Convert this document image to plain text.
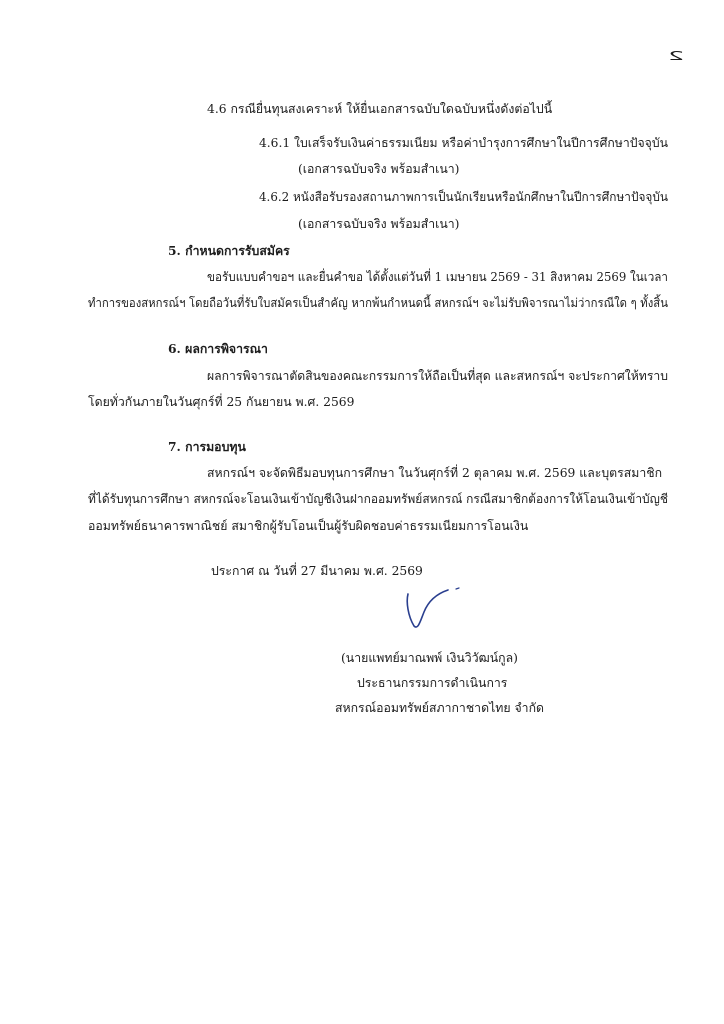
2
4.6 กรณียื่นทุนสงเคราะห์ ให้ยื่นเอกสารฉบับใดฉบับหนึ่งดังต่อไปนี้
4.6.1 ใบเสร็จรับเงินค่าธรรมเนียม หรือค่าบำรุงการศึกษาในปีการศึกษาปัจจุบัน
(เอกสารฉบับจริง พร้อมสำเนา)
4.6.2 หนังสือรับรองสถานภาพการเป็นนักเรียนหรือนักศึกษาในปีการศึกษาปัจจุบัน
(เอกสารฉบับจริง พร้อมสำเนา)
5. กำหนดการรับสมัคร
ขอรับแบบคำขอฯ และยื่นคำขอ ได้ตั้งแต่วันที่ 1 เมษายน 2569 - 31 สิงหาคม 2569 ในเวลา
ทำการของสหกรณ์ฯ โดยถือวันที่รับใบสมัครเป็นสำคัญ หากพ้นกำหนดนี้ สหกรณ์ฯ จะไม่รับพิจารณาไม่ว่ากรณีใด ๆ ทั้งสิ้น
6. ผลการพิจารณา
ผลการพิจารณาตัดสินของคณะกรรมการให้ถือเป็นที่สุด และสหกรณ์ฯ จะประกาศให้ทราบ
โดยทั่วกันภายในวันศุกร์ที่ 25 กันยายน พ.ศ. 2569
7. การมอบทุน
สหกรณ์ฯ จะจัดพิธีมอบทุนการศึกษา ในวันศุกร์ที่ 2 ตุลาคม พ.ศ. 2569 และบุตรสมาชิก
ที่ได้รับทุนการศึกษา สหกรณ์จะโอนเงินเข้าบัญชีเงินฝากออมทรัพย์สหกรณ์ กรณีสมาชิกต้องการให้โอนเงินเข้าบัญชี
ออมทรัพย์ธนาคารพาณิชย์ สมาชิกผู้รับโอนเป็นผู้รับผิดชอบค่าธรรมเนียมการโอนเงิน
ประกาศ ณ วันที่ 27 มีนาคม พ.ศ. 2569
(นายแพทย์มาณพพ์ เงินวิวัฒน์กูล)
ประธานกรรมการดำเนินการ
สหกรณ์ออมทรัพย์สภากาชาดไทย จำกัด
